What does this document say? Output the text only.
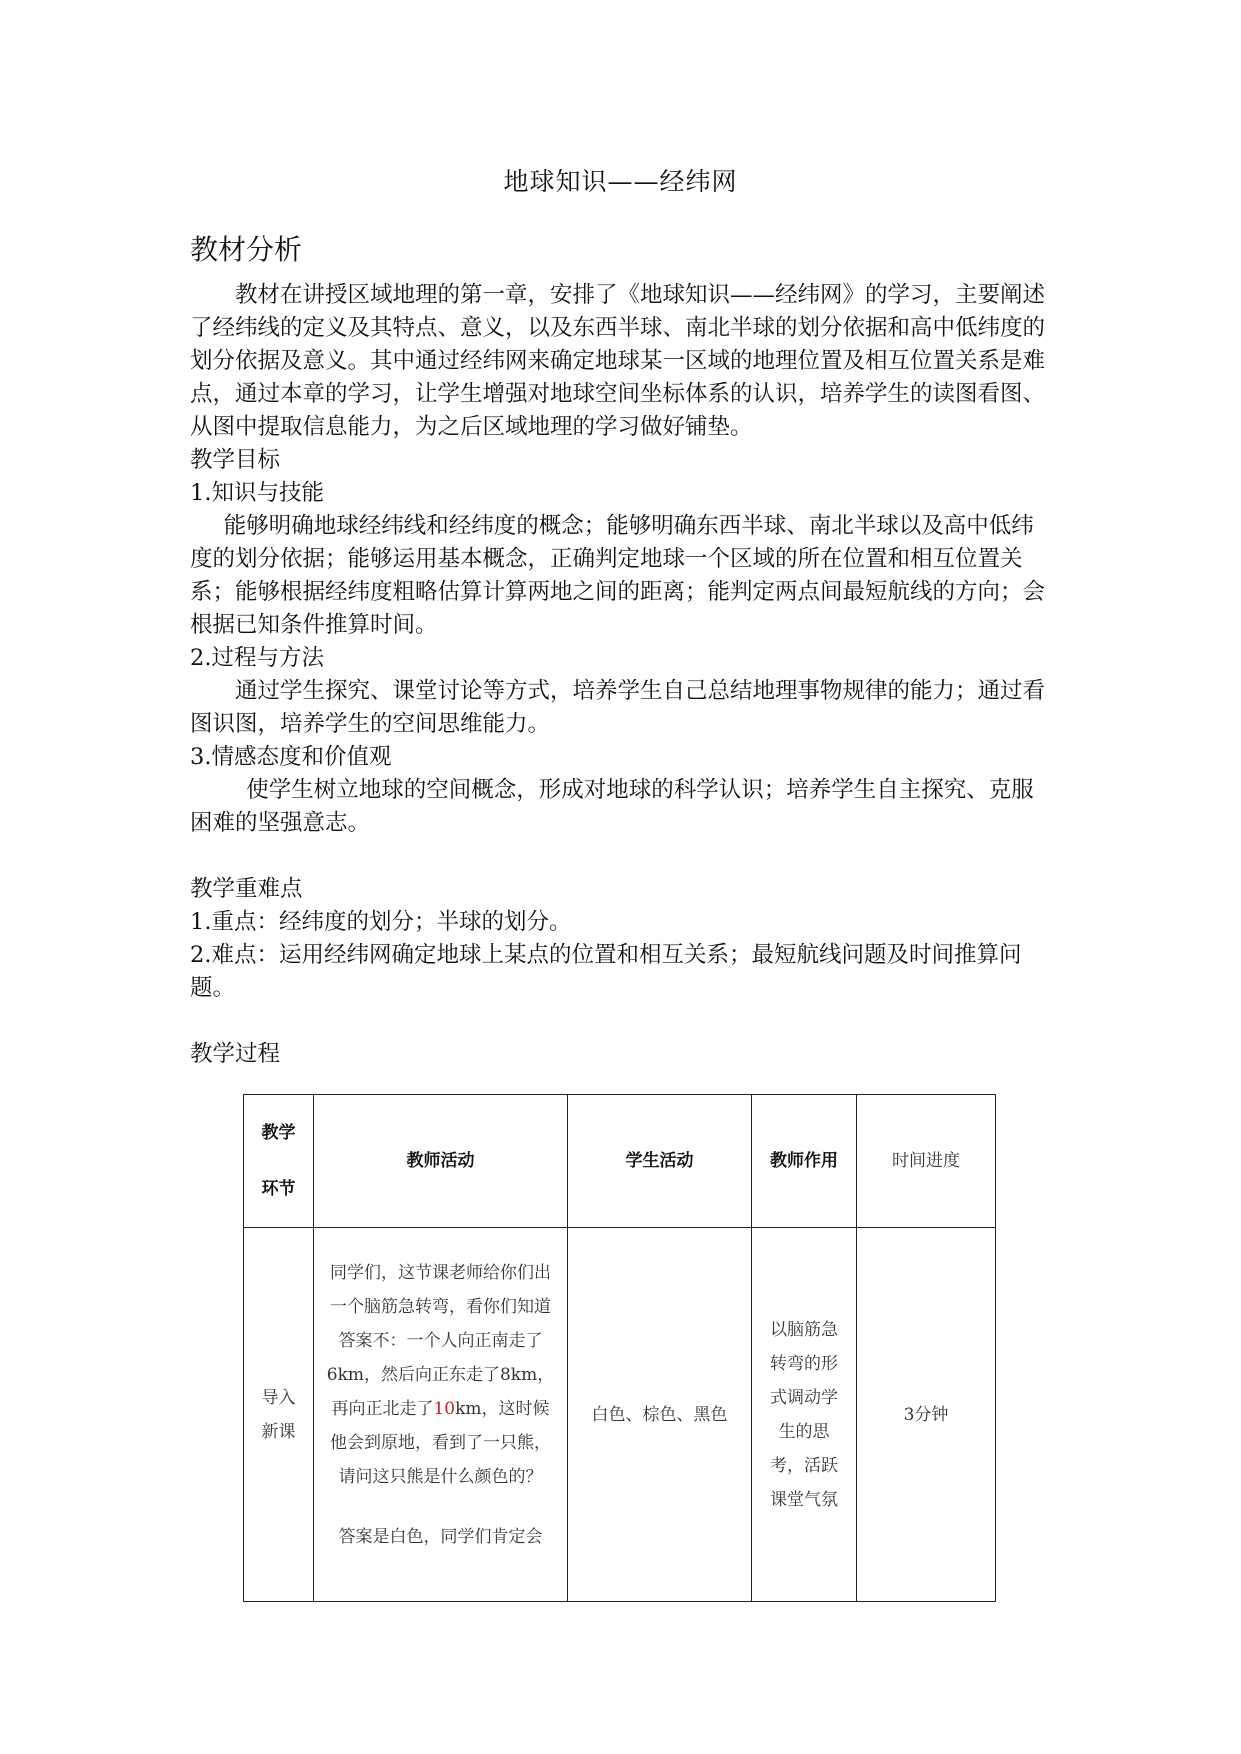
地球知识——经纬网
教材分析

教材在讲授区域地理的第一章，安排了《地球知识——经纬网》的学习，主要阐述了经纬线的定义及其特点、意义，以及东西半球、南北半球的划分依据和高中低纬度的划分依据及意义。其中通过经纬网来确定地球某一区域的地理位置及相互位置关系是难点，通过本章的学习，让学生增强对地球空间坐标体系的认识，培养学生的读图看图、从图中提取信息能力，为之后区域地理的学习做好铺垫。

教学目标

1.知识与技能

能够明确地球经纬线和经纬度的概念；能够明确东西半球、南北半球以及高中低纬度的划分依据；能够运用基本概念，正确判定地球一个区域的所在位置和相互位置关系；能够根据经纬度粗略估算计算两地之间的距离；能判定两点间最短航线的方向；会根据已知条件推算时间。

2.过程与方法

通过学生探究、课堂讨论等方式，培养学生自己总结地理事物规律的能力；通过看图识图，培养学生的空间思维能力。

3.情感态度和价值观

使学生树立地球的空间概念，形成对地球的科学认识；培养学生自主探究、克服困难的坚强意志。

教学重难点

1.重点：经纬度的划分；半球的划分。

2.难点：运用经纬网确定地球上某点的位置和相互关系；最短航线问题及时间推算问题。

教学过程

教学
环节	教师活动	学生活动	教师作用	时间进度
导入新课	同学们，这节课老师给你们出一个脑筋急转弯，看你们知道答案不：一个人向正南走了6km，然后向正东走了8km，再向正北走了10km，这时候他会到原地，看到了一只熊，请问这只熊是什么颜色的？

答案是白色，同学们肯定会	白色、棕色、黑色	以脑筋急转弯的形式调动学生的思考，活跃课堂气氛	3分钟
